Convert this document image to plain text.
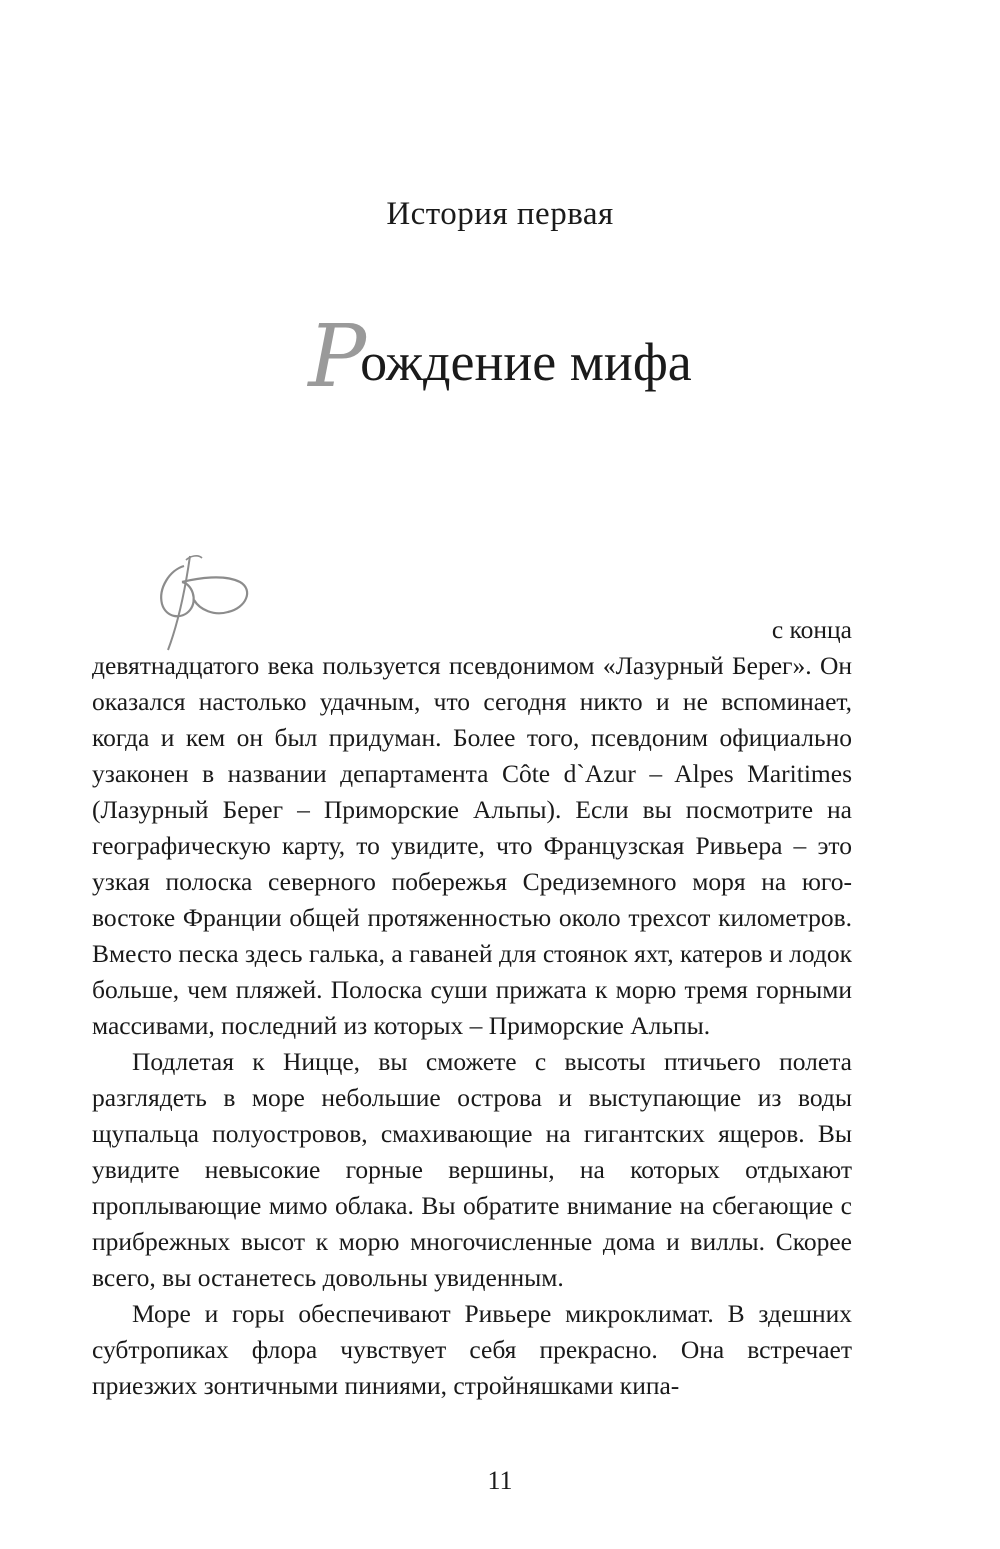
История первая
Рождение мифа
с конца

девятнадцатого века пользуется псевдонимом «Лазурный Берег». Он оказался настолько удачным, что сегодня никто и не вспоминает, когда и кем он был придуман. Более того, псевдоним официально узаконен в названии департамента Côte d`Azur – Alpes Maritimes (Лазурный Берег – Приморские Альпы). Если вы посмотрите на географическую карту, то увидите, что Французская Ривьера – это узкая полоска северного побережья Средиземного моря на юго-востоке Франции общей протяженностью около трехсот километров. Вместо песка здесь галька, а гаваней для стоянок яхт, катеров и лодок больше, чем пляжей. Полоска суши прижата к морю тремя горными массивами, последний из которых – Приморские Альпы.

Подлетая к Ницце, вы сможете с высоты птичьего полета разглядеть в море небольшие острова и выступающие из воды щупальца полуостровов, смахивающие на гигантских ящеров. Вы увидите невысокие горные вершины, на которых отдыхают проплывающие мимо облака. Вы обратите внимание на сбегающие с прибрежных высот к морю многочисленные дома и виллы. Скорее всего, вы останетесь довольны увиденным.

Море и горы обеспечивают Ривьере микроклимат. В здешних субтропиках флора чувствует себя прекрасно. Она встречает приезжих зонтичными пиниями, стройняшками кипа-

11
